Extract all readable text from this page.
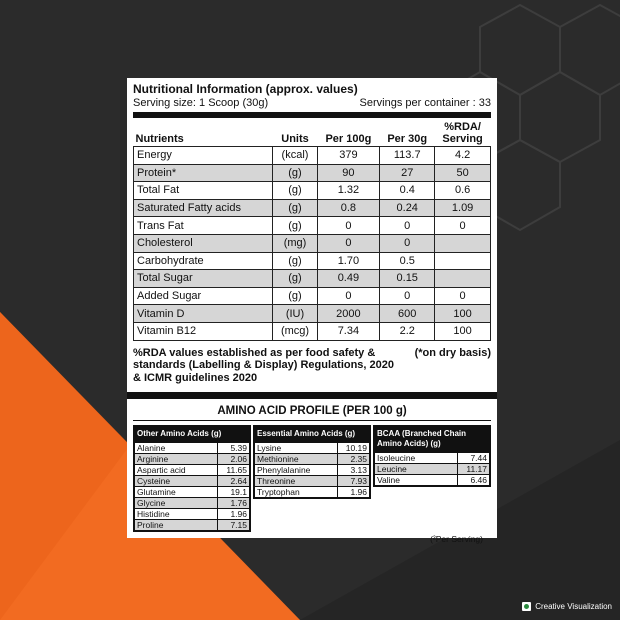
Nutritional Information (approx. values)
Serving size: 1 Scoop (30g)	Servings per container : 33
Nutrients	Units	Per 100g	Per 30g	%RDA/
Serving
Energy	(kcal)	379	113.7	4.2
Protein*	(g)	90	27	50
Total Fat	(g)	1.32	0.4	0.6
Saturated Fatty acids	(g)	0.8	0.24	1.09
Trans Fat	(g)	0	0	0
Cholesterol	(mg)	0	0	
Carbohydrate	(g)	1.70	0.5	
Total Sugar	(g)	0.49	0.15	
Added Sugar	(g)	0	0	0
Vitamin D	(IU)	2000	600	100
Vitamin B12	(mcg)	7.34	2.2	100
%RDA values established as per food safety & standards (Labelling & Display) Regulations, 2020 & ICMR guidelines 2020
(*on dry basis)
AMINO ACID PROFILE (PER 100 g)
Other Amino Acids (g)
Alanine	5.39
Arginine	2.06
Aspartic acid	11.65
Cysteine	2.64
Glutamine	19.1
Glycine	1.76
Histidine	1.96
Proline	7.15
Essential Amino Acids (g)
Lysine	10.19
Methionine	2.35
Phenylalanine	3.13
Threonine	7.93
Tryptophan	1.96
BCAA (Branched Chain Amino Acids) (g)
Isoleucine	7.44
Leucine	11.17
Valine	6.46
(²Per Serving)
Creative Visualization
